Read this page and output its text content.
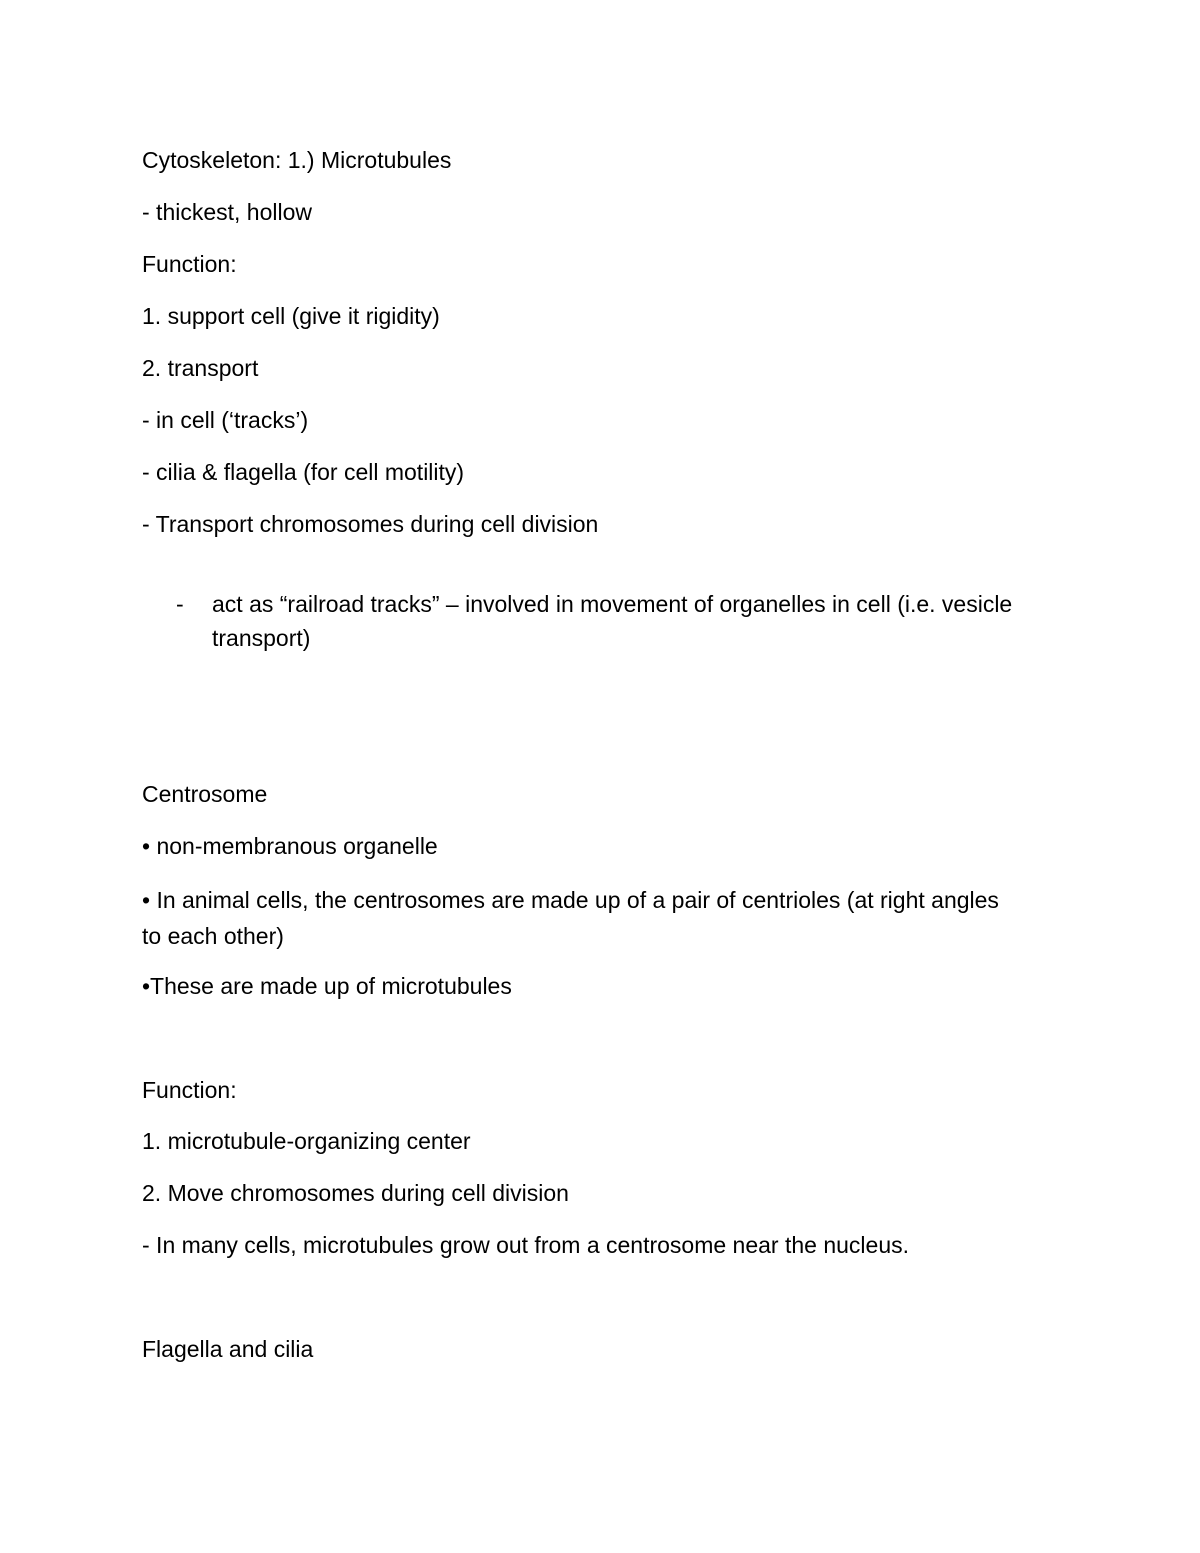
Cytoskeleton: 1.) Microtubules
- thickest, hollow
Function:
1. support cell (give it rigidity)
2. transport
- in cell (‘tracks’)
- cilia & flagella (for cell motility)
- Transport chromosomes during cell division
- act as “railroad tracks” – involved in movement of organelles in cell (i.e. vesicle transport)
Centrosome
• non-membranous organelle
• In animal cells, the centrosomes are made up of a pair of centrioles (at right angles to each other)
•These are made up of microtubules
Function:
1. microtubule-organizing center
2. Move chromosomes during cell division
- In many cells, microtubules grow out from a centrosome near the nucleus.
Flagella and cilia
